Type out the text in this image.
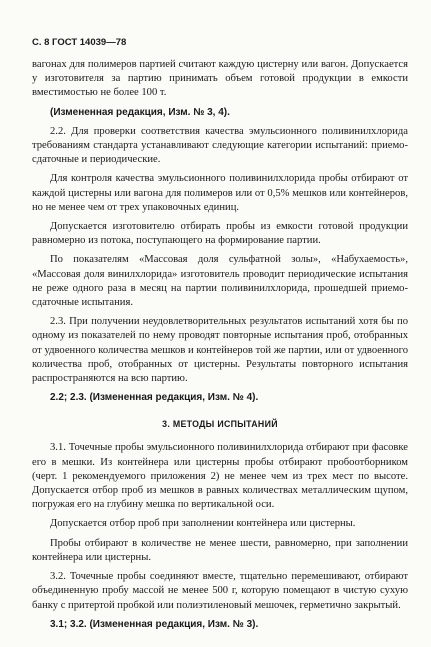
С. 8 ГОСТ 14039—78

вагонах для полимеров партией считают каждую цистерну или вагон. Допускается у изготовителя за партию принимать объем готовой продукции в емкости вместимостью не более 100 т.

(Измененная редакция, Изм. № 3, 4).

2.2. Для проверки соответствия качества эмульсионного поливинилхлорида требованиям стандарта устанавливают следующие категории испытаний: приемо-сдаточные и периодические.

Для контроля качества эмульсионного поливинилхлорида пробы отбирают от каждой цистерны или вагона для полимеров или от 0,5% мешков или контейнеров, но не менее чем от трех упаковочных единиц.

Допускается изготовителю отбирать пробы из емкости готовой продукции равномерно из потока, поступающего на формирование партии.

По показателям «Массовая доля сульфатной золы», «Набухаемость», «Массовая доля винилхлорида» изготовитель проводит периодические испытания не реже одного раза в месяц на партии поливинилхлорида, прошедшей приемо-сдаточные испытания.

2.3. При получении неудовлетворительных результатов испытаний хотя бы по одному из показателей по нему проводят повторные испытания проб, отобранных от удвоенного количества мешков и контейнеров той же партии, или от удвоенного количества проб, отобранных от цистерны. Результаты повторного испытания распространяются на всю партию.

2.2; 2.3. (Измененная редакция, Изм. № 4).

3. МЕТОДЫ ИСПЫТАНИЙ

3.1. Точечные пробы эмульсионного поливинилхлорида отбирают при фасовке его в мешки. Из контейнера или цистерны пробы отбирают пробоотборником (черт. 1 рекомендуемого приложения 2) не менее чем из трех мест по высоте. Допускается отбор проб из мешков в равных количествах металлическим щупом, погружая его на глубину мешка по вертикальной оси.

Допускается отбор проб при заполнении контейнера или цистерны.

Пробы отбирают в количестве не менее шести, равномерно, при заполнении контейнера или цистерны.

3.2. Точечные пробы соединяют вместе, тщательно перемешивают, отбирают объединенную пробу массой не менее 500 г, которую помещают в чистую сухую банку с притертой пробкой или полиэтиленовый мешочек, герметично закрытый.

3.1; 3.2. (Измененная редакция, Изм. № 3).
